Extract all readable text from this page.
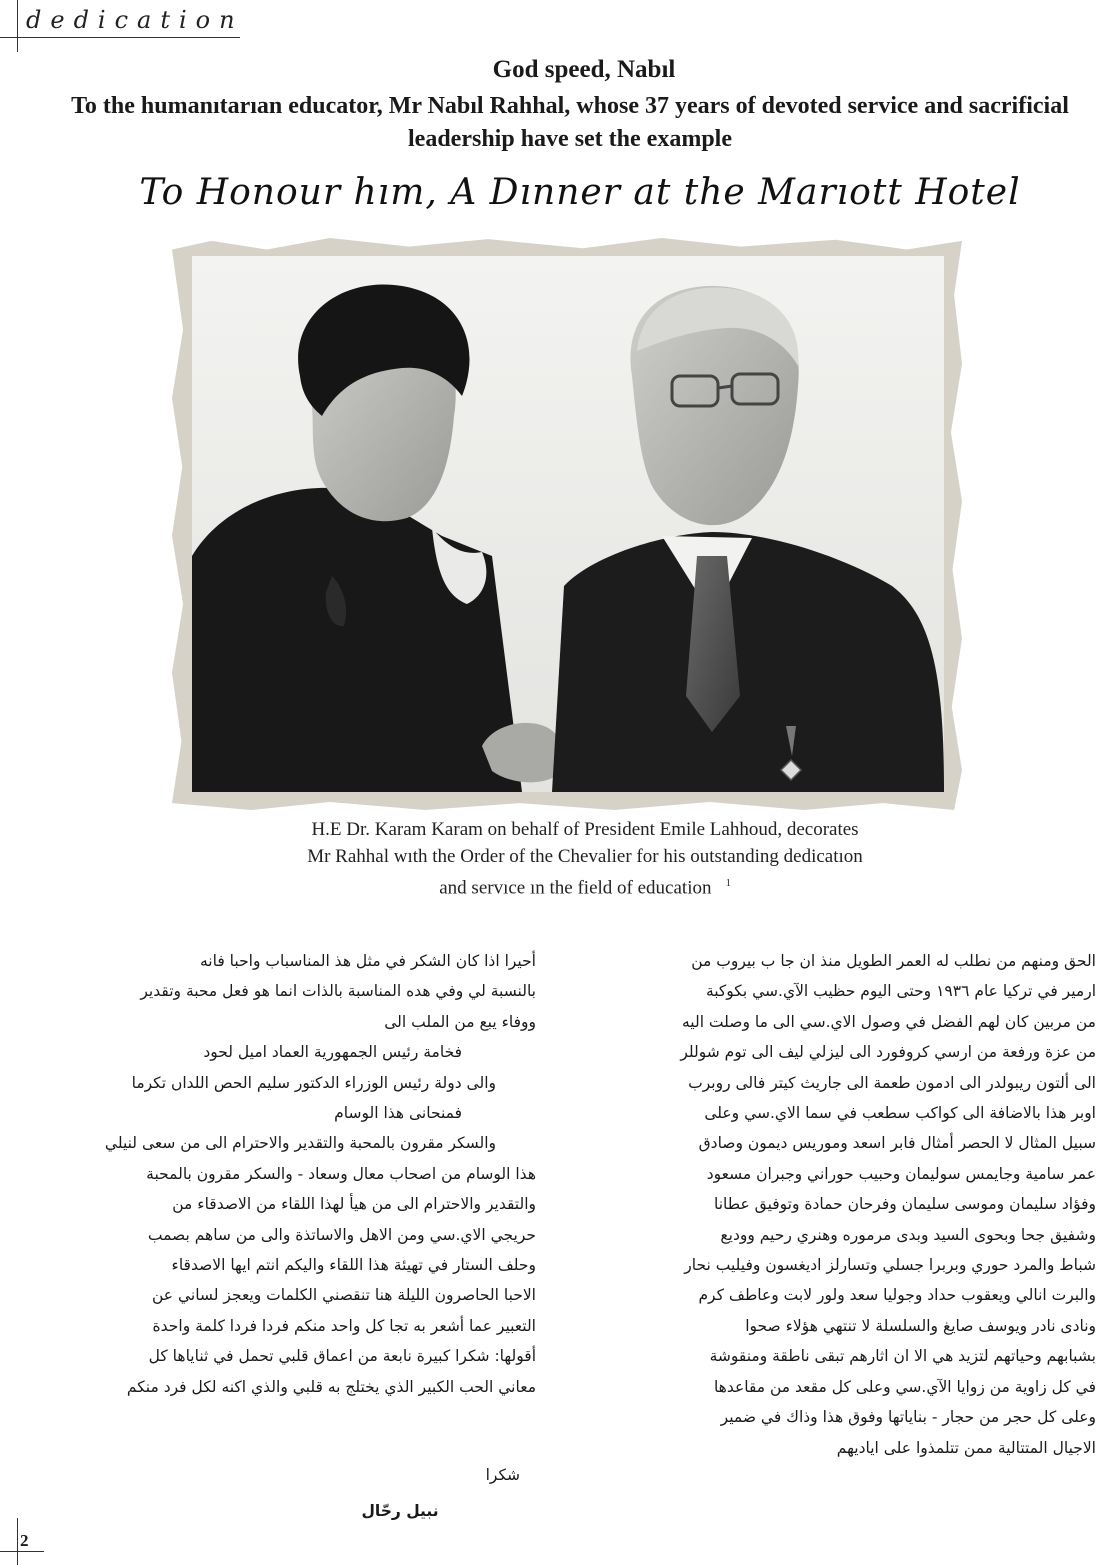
dedication
God speed, Nabıl
To the humanıtarıan educator, Mr Nabıl Rahhal, whose 37 years of devoted service and sacrificial leadership have set the example
To Honour hım, A Dınner at the Marıott Hotel

H.E Dr. Karam Karam on behalf of President Emile Lahhoud, decorates
Mr Rahhal wıth the Order of the Chevalier for his outstanding dedicatıon
and servıce ın the field of education $^1$

أحيرا اذا كان الشكر في مثل هذ المناسباب واحبا فانه
بالنسبة لي وفي هده المناسبة بالذات انما هو فعل محبة وتقدير
ووفاء يبع من الملب الى
فخامة رئيس الجمهورية العماد اميل لحود
والى دولة رئيس الوزراء الدكتور سليم الحص اللداں تكرما
فمنحانى هذا الوسام
والسكر مقرون بالمحبة والتقدير والاحترام الى من سعى لنيلي
هذا الوسام من اصحاب معال وسعاد - والسكر مقرون بالمحبة
والتقدير والاحترام الى من هيأ لهذا اللقاء من الاصدقاء من
حريجي الاي.سي ومن الاهل والاساتذة والى من ساهم بصمب
وحلف الستار في تهيئة هذا اللقاء واليكم انتم ايها الاصدقاء
الاحبا الحاصرون الليلة هنا تنقصني الكلمات ويعجز لساني عن
التعبير عما أشعر به تجا كل واحد منكم فردا فردا كلمة واحدة
أقولها: شكرا كبيرة نابعة من اعماق قلبي تحمل في ثناياها كل
معاني الحب الكبير الذي يختلج به قلبي والذي اكنه لكل فرد منكم
شكرا
نبيل رحّال
الحق ومنهم من نطلب له العمر الطويل منذ ان جا ب بيروب من
ارمير في تركيا عام ١٩٣٦ وحتى اليوم حظيب الآي.سي بكوكبة
من مربين كان لهم الفضل في وصول الاي.سي الى ما وصلت اليه
من عزة ورفعة من ارسي كروفورد الى ليزلي ليف الى توم شوللر
الى ألتون ريبولدر الى ادمون طعمة الى جاريث كيتر فالى روبرب
اوبر هذا بالاضافة الى كواكب سطعب في سما الاي.سي وعلى
سبيل المثال لا الحصر أمثال فابر اسعد وموريس ديمون وصادق
عمر سامية وجايمس سوليمان وحبيب حوراني وجبران مسعود
وفؤاد سليمان وموسى سليمان وفرحان حمادة وتوفيق عطانا
وشفيق جحا وبحوى السيد وبدى مرموره وهنري رحيم ووديع
شباط والمرد حوري وبربرا جسلي وتسارلز اديغسون وفيليب نحار
والبرت انالي ويعقوب حداد وجوليا سعد ولور لابت وعاطف كرم
ونادى نادر ويوسف صايغ والسلسلة لا تنتهي هؤلاء صحوا
بشبابهم وحياتهم لتزيد هي الا ان اثارهم تبقى ناطقة ومنقوشة
في كل زاوية من زوايا الآي.سي وعلى كل مقعد من مقاعدها
وعلى كل حجر من حجار - بناياتها وفوق هذا وذاك في ضمير
الاجيال المتتالية ممن تتلمذوا على اياديهم
2
